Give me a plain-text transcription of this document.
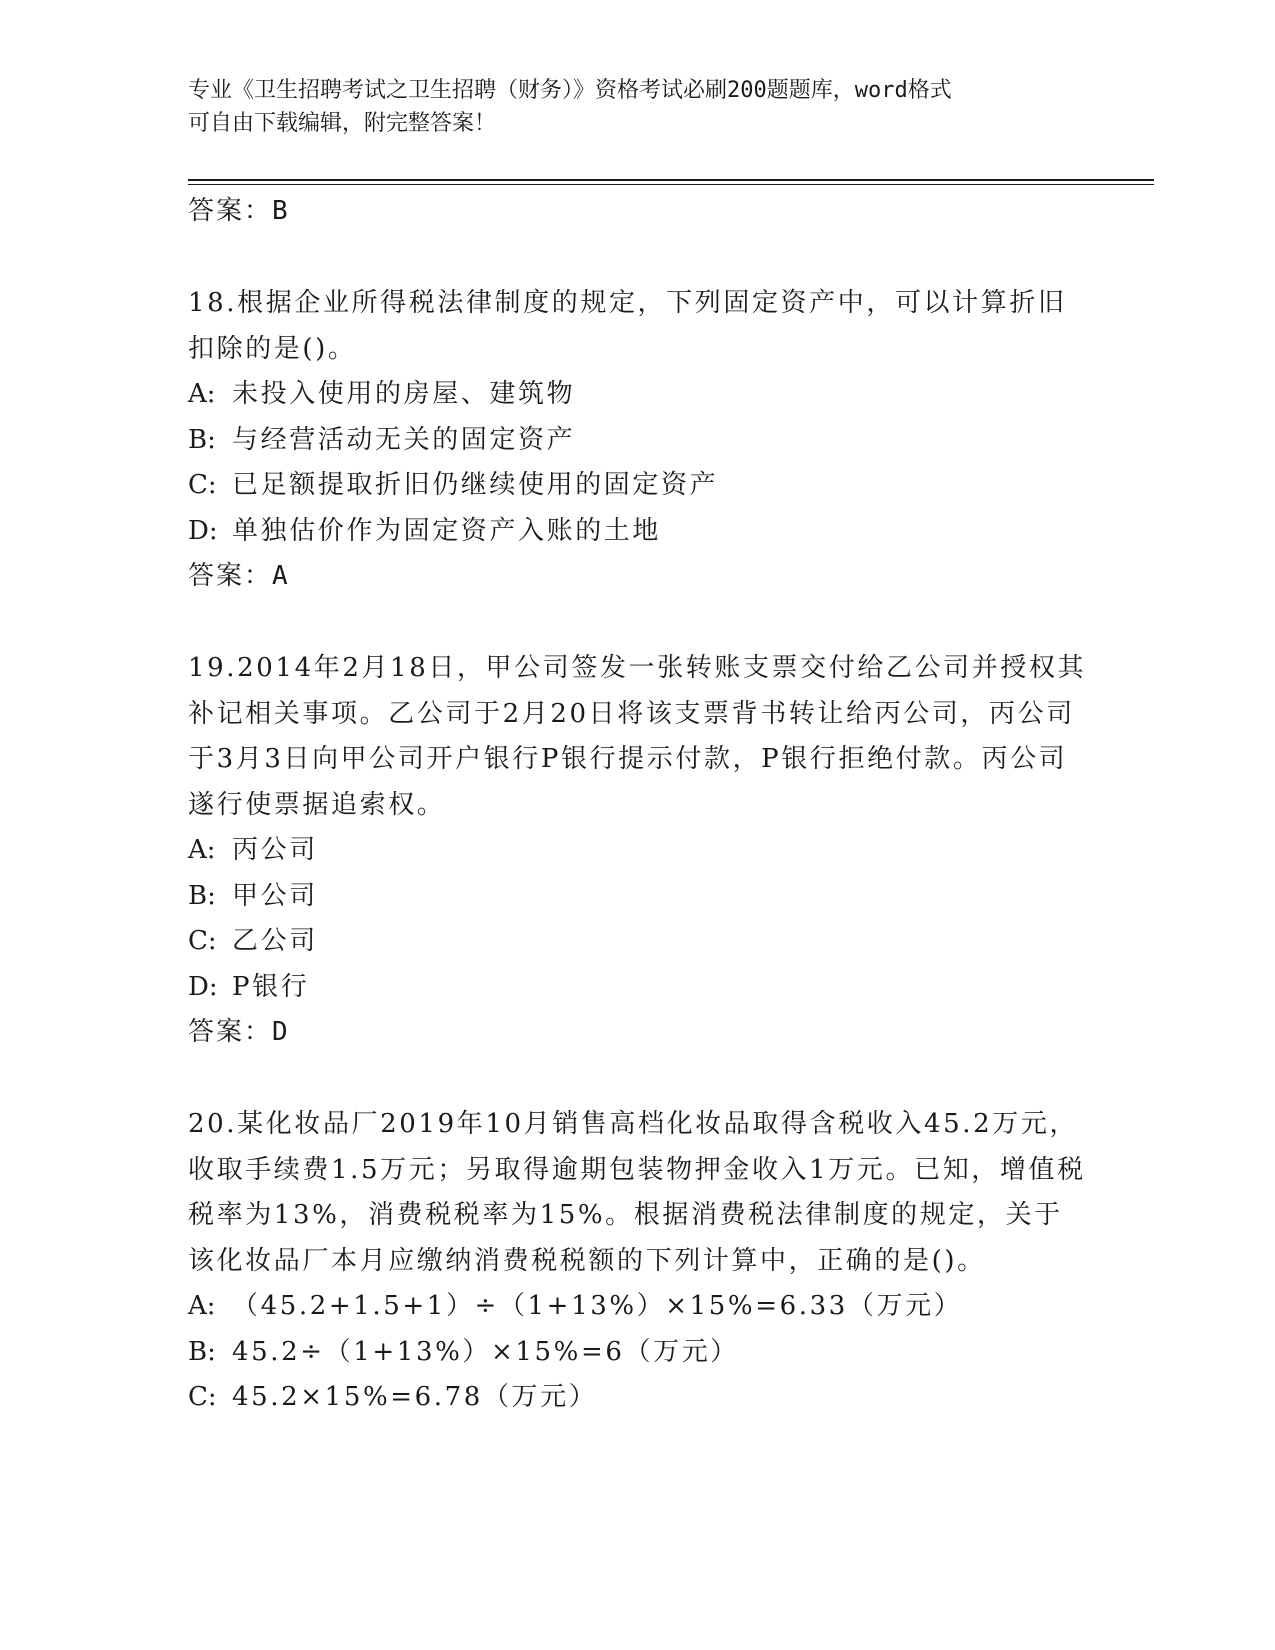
专业《卫生招聘考试之卫生招聘（财务）》资格考试必刷200题题库，word格式
可自由下载编辑，附完整答案！
答案：B

18.根据企业所得税法律制度的规定，下列固定资产中，可以计算折旧扣除的是()。

A: 未投入使用的房屋、建筑物
B: 与经营活动无关的固定资产
C: 已足额提取折旧仍继续使用的固定资产
D: 单独估价作为固定资产入账的土地
答案：A

19.2014年2月18日，甲公司签发一张转账支票交付给乙公司并授权其补记相关事项。乙公司于2月20日将该支票背书转让给丙公司，丙公司于3月3日向甲公司开户银行P银行提示付款，P银行拒绝付款。丙公司遂行使票据追索权。

A: 丙公司
B: 甲公司
C: 乙公司
D: P银行
答案：D

20.某化妆品厂2019年10月销售高档化妆品取得含税收入45.2万元，收取手续费1.5万元；另取得逾期包装物押金收入1万元。已知，增值税税率为13%，消费税税率为15%。根据消费税法律制度的规定，关于该化妆品厂本月应缴纳消费税税额的下列计算中，正确的是()。

A: （45.2+1.5+1）÷（1+13%）×15%=6.33（万元）
B: 45.2÷（1+13%）×15%=6（万元）
C: 45.2×15%=6.78（万元）
